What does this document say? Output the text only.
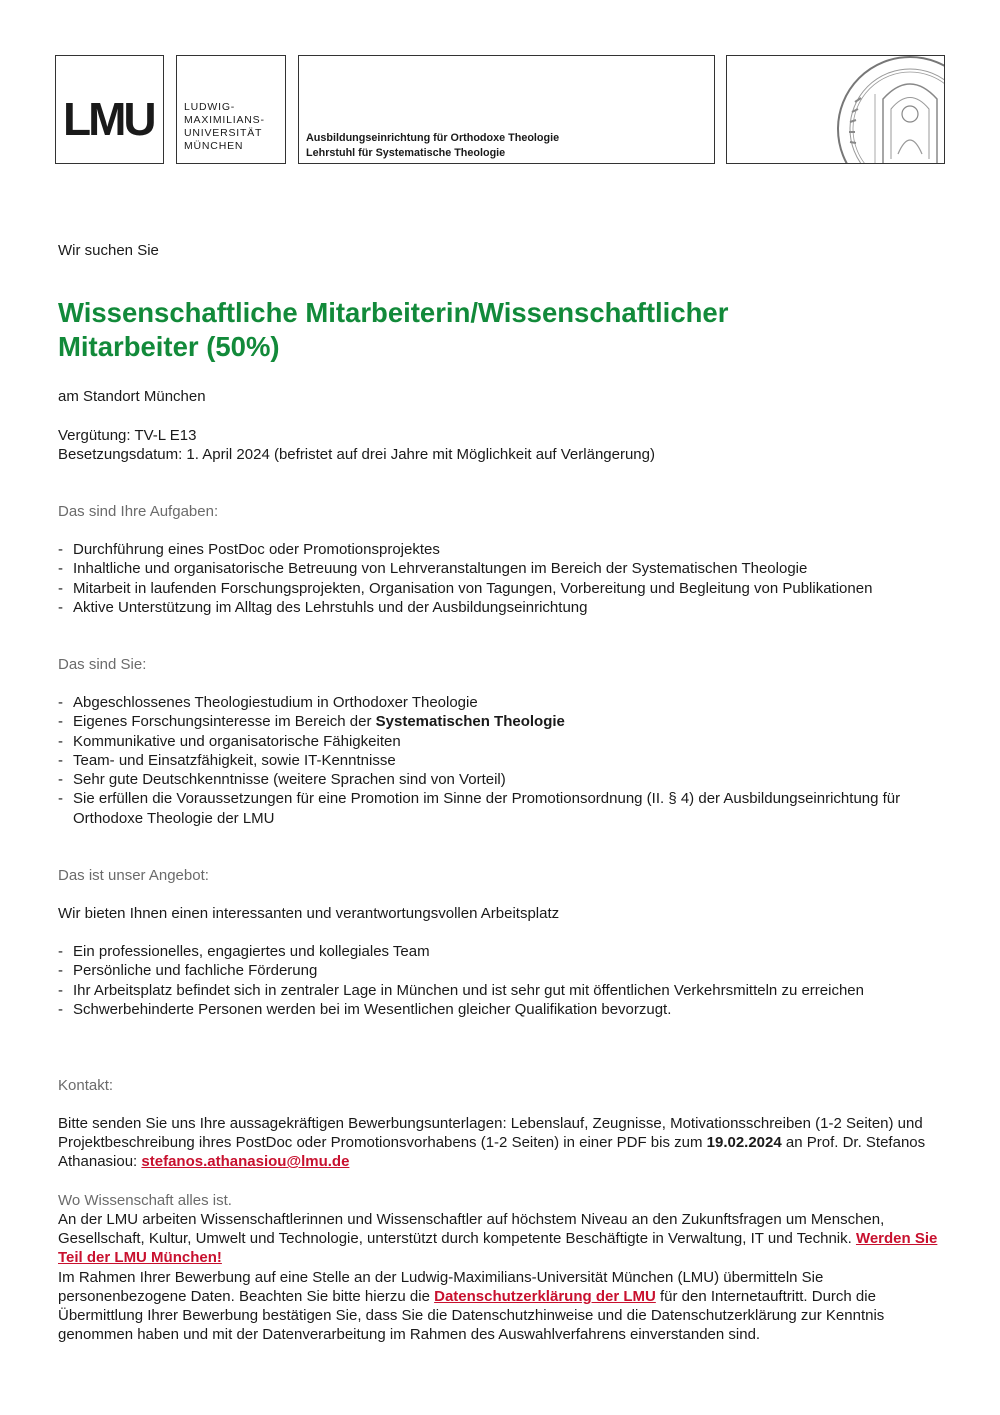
LMU	LUDWIG-
MAXIMILIANS-
UNIVERSITÄT
MÜNCHEN
Ausbildungseinrichtung für Orthodoxe Theologie
Lehrstuhl für Systematische Theologie
Wir suchen Sie
Wissenschaftliche Mitarbeiterin/Wissenschaftlicher Mitarbeiter (50%)
am Standort München
Vergütung: TV-L E13
Besetzungsdatum: 1. April 2024 (befristet auf drei Jahre mit Möglichkeit auf Verlängerung)
Das sind Ihre Aufgaben:
- Durchführung eines PostDoc oder Promotionsprojektes
- Inhaltliche und organisatorische Betreuung von Lehrveranstaltungen im Bereich der Systematischen Theologie
- Mitarbeit in laufenden Forschungsprojekten, Organisation von Tagungen, Vorbereitung und Begleitung von Publikationen
- Aktive Unterstützung im Alltag des Lehrstuhls und der Ausbildungseinrichtung
Das sind Sie:
- Abgeschlossenes Theologiestudium in Orthodoxer Theologie
- Eigenes Forschungsinteresse im Bereich der Systematischen Theologie
- Kommunikative und organisatorische Fähigkeiten
- Team- und Einsatzfähigkeit, sowie IT-Kenntnisse
- Sehr gute Deutschkenntnisse (weitere Sprachen sind von Vorteil)
- Sie erfüllen die Voraussetzungen für eine Promotion im Sinne der Promotionsordnung (II. § 4) der Ausbildungseinrichtung für Orthodoxe Theologie der LMU
Das ist unser Angebot:
Wir bieten Ihnen einen interessanten und verantwortungsvollen Arbeitsplatz
- Ein professionelles, engagiertes und kollegiales Team
- Persönliche und fachliche Förderung
- Ihr Arbeitsplatz befindet sich in zentraler Lage in München und ist sehr gut mit öffentlichen Verkehrsmitteln zu erreichen
- Schwerbehinderte Personen werden bei im Wesentlichen gleicher Qualifikation bevorzugt.
Kontakt:
Bitte senden Sie uns Ihre aussagekräftigen Bewerbungsunterlagen: Lebenslauf, Zeugnisse, Motivationsschreiben (1-2 Seiten) und Projektbeschreibung ihres PostDoc oder Promotionsvorhabens (1-2 Seiten) in einer PDF bis zum 19.02.2024 an Prof. Dr. Stefanos Athanasiou: stefanos.athanasiou@lmu.de
Wo Wissenschaft alles ist.
An der LMU arbeiten Wissenschaftlerinnen und Wissenschaftler auf höchstem Niveau an den Zukunftsfragen um Menschen, Gesellschaft, Kultur, Umwelt und Technologie, unterstützt durch kompetente Beschäftigte in Verwaltung, IT und Technik. Werden Sie Teil der LMU München!
Im Rahmen Ihrer Bewerbung auf eine Stelle an der Ludwig-Maximilians-Universität München (LMU) übermitteln Sie personenbezogene Daten. Beachten Sie bitte hierzu die Datenschutzerklärung der LMU für den Internetauftritt. Durch die Übermittlung Ihrer Bewerbung bestätigen Sie, dass Sie die Datenschutzhinweise und die Datenschutzerklärung zur Kenntnis genommen haben und mit der Datenverarbeitung im Rahmen des Auswahlverfahrens einverstanden sind.
